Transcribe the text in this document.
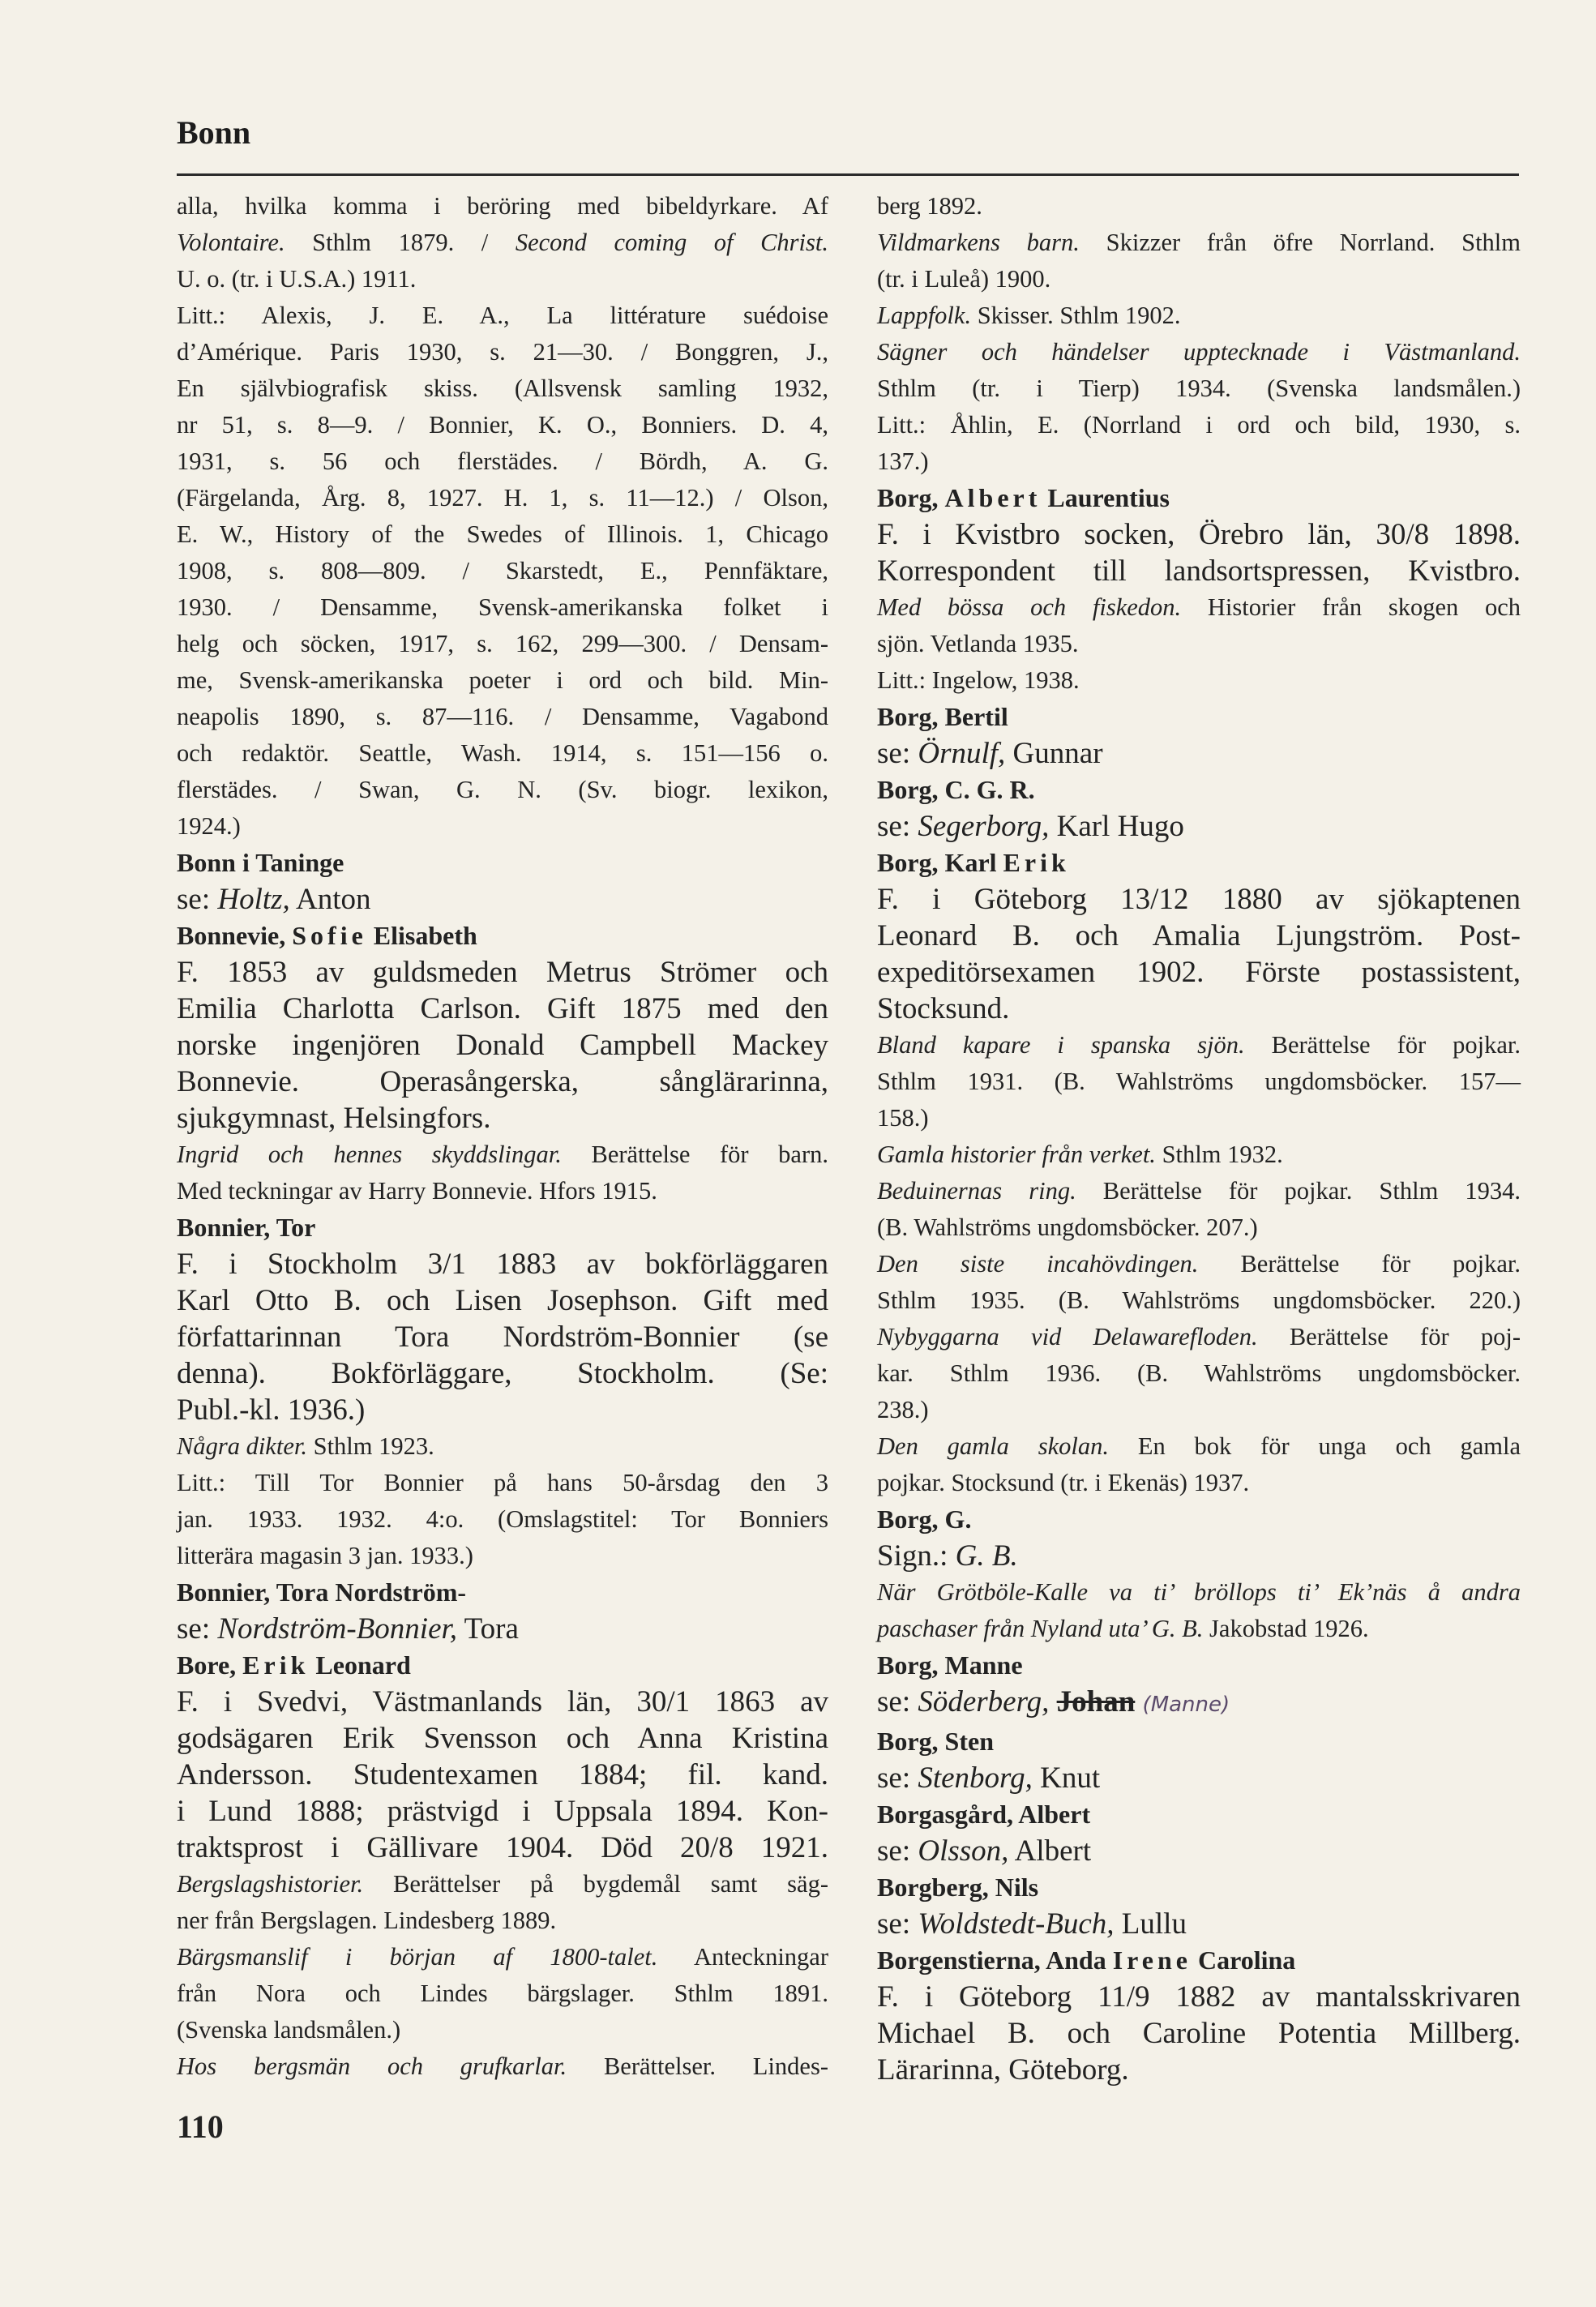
Bonn

alla, hvilka komma i beröring med bibeldyrkare. Af

Volontaire. Sthlm 1879. / Second coming of Christ.

U. o. (tr. i U.S.A.) 1911.

Litt.: Alexis, J. E. A., La littérature suédoise

d’Amérique. Paris 1930, s. 21—30. / Bonggren, J.,

En självbiografisk skiss. (Allsvensk samling 1932,

nr 51, s. 8—9. / Bonnier, K. O., Bonniers. D. 4,

1931, s. 56 och flerstädes. / Bördh, A. G.

(Färgelanda, Årg. 8, 1927. H. 1, s. 11—12.) / Olson,

E. W., History of the Swedes of Illinois. 1, Chicago

1908, s. 808—809. / Skarstedt, E., Pennfäktare,

1930. / Densamme, Svensk-amerikanska folket i

helg och söcken, 1917, s. 162, 299—300. / Densam-

me, Svensk-amerikanska poeter i ord och bild. Min-

neapolis 1890, s. 87—116. / Densamme, Vagabond

och redaktör. Seattle, Wash. 1914, s. 151—156 o.

flerstädes. / Swan, G. N. (Sv. biogr. lexikon,

1924.)

Bonn i Taninge

se: Holtz, Anton

Bonnevie, Sofie Elisabeth

F. 1853 av guldsmeden Metrus Strömer och

Emilia Charlotta Carlson. Gift 1875 med den

norske ingenjören Donald Campbell Mackey

Bonnevie. Operasångerska, sånglärarinna,

sjukgymnast, Helsingfors.

Ingrid och hennes skyddslingar. Berättelse för barn.

Med teckningar av Harry Bonnevie. Hfors 1915.

Bonnier, Tor

F. i Stockholm 3/1 1883 av bokförläggaren

Karl Otto B. och Lisen Josephson. Gift med

författarinnan Tora Nordström-Bonnier (se

denna). Bokförläggare, Stockholm. (Se:

Publ.-kl. 1936.)

Några dikter. Sthlm 1923.

Litt.: Till Tor Bonnier på hans 50-årsdag den 3

jan. 1933. 1932. 4:o. (Omslagstitel: Tor Bonniers

litterära magasin 3 jan. 1933.)

Bonnier, Tora Nordström-

se: Nordström-Bonnier, Tora

Bore, Erik Leonard

F. i Svedvi, Västmanlands län, 30/1 1863 av

godsägaren Erik Svensson och Anna Kristina

Andersson. Studentexamen 1884; fil. kand.

i Lund 1888; prästvigd i Uppsala 1894. Kon-

traktsprost i Gällivare 1904. Död 20/8 1921.

Bergslagshistorier. Berättelser på bygdemål samt säg-

ner från Bergslagen. Lindesberg 1889.

Bärgsmanslif i början af 1800-talet. Anteckningar

från Nora och Lindes bärgslager. Sthlm 1891.

(Svenska landsmålen.)

Hos bergsmän och grufkarlar. Berättelser. Lindes-

berg 1892.

Vildmarkens barn. Skizzer från öfre Norrland. Sthlm

(tr. i Luleå) 1900.

Lappfolk. Skisser. Sthlm 1902.

Sägner och händelser upptecknade i Västmanland.

Sthlm (tr. i Tierp) 1934. (Svenska landsmålen.)

Litt.: Åhlin, E. (Norrland i ord och bild, 1930, s.

137.)

Borg, Albert Laurentius

F. i Kvistbro socken, Örebro län, 30/8 1898.

Korrespondent till landsortspressen, Kvistbro.

Med bössa och fiskedon. Historier från skogen och

sjön. Vetlanda 1935.

Litt.: Ingelow, 1938.

Borg, Bertil

se: Örnulf, Gunnar

Borg, C. G. R.

se: Segerborg, Karl Hugo

Borg, Karl Erik

F. i Göteborg 13/12 1880 av sjökaptenen

Leonard B. och Amalia Ljungström. Post-

expeditörsexamen 1902. Förste postassistent,

Stocksund.

Bland kapare i spanska sjön. Berättelse för pojkar.

Sthlm 1931. (B. Wahlströms ungdomsböcker. 157—

158.)

Gamla historier från verket. Sthlm 1932.

Beduinernas ring. Berättelse för pojkar. Sthlm 1934.

(B. Wahlströms ungdomsböcker. 207.)

Den siste incahövdingen. Berättelse för pojkar.

Sthlm 1935. (B. Wahlströms ungdomsböcker. 220.)

Nybyggarna vid Delawarefloden. Berättelse för poj-

kar. Sthlm 1936. (B. Wahlströms ungdomsböcker.

238.)

Den gamla skolan. En bok för unga och gamla

pojkar. Stocksund (tr. i Ekenäs) 1937.

Borg, G.

Sign.: G. B.

När Grötböle-Kalle va ti’ bröllops ti’ Ek’näs å andra

paschaser från Nyland uta’ G. B. Jakobstad 1926.

Borg, Manne

se: Söderberg, Johan (Manne)

Borg, Sten

se: Stenborg, Knut

Borgasgård, Albert

se: Olsson, Albert

Borgberg, Nils

se: Woldstedt-Buch, Lullu

Borgenstierna, Anda Irene Carolina

F. i Göteborg 11/9 1882 av mantalsskrivaren

Michael B. och Caroline Potentia Millberg.

Lärarinna, Göteborg.

110
